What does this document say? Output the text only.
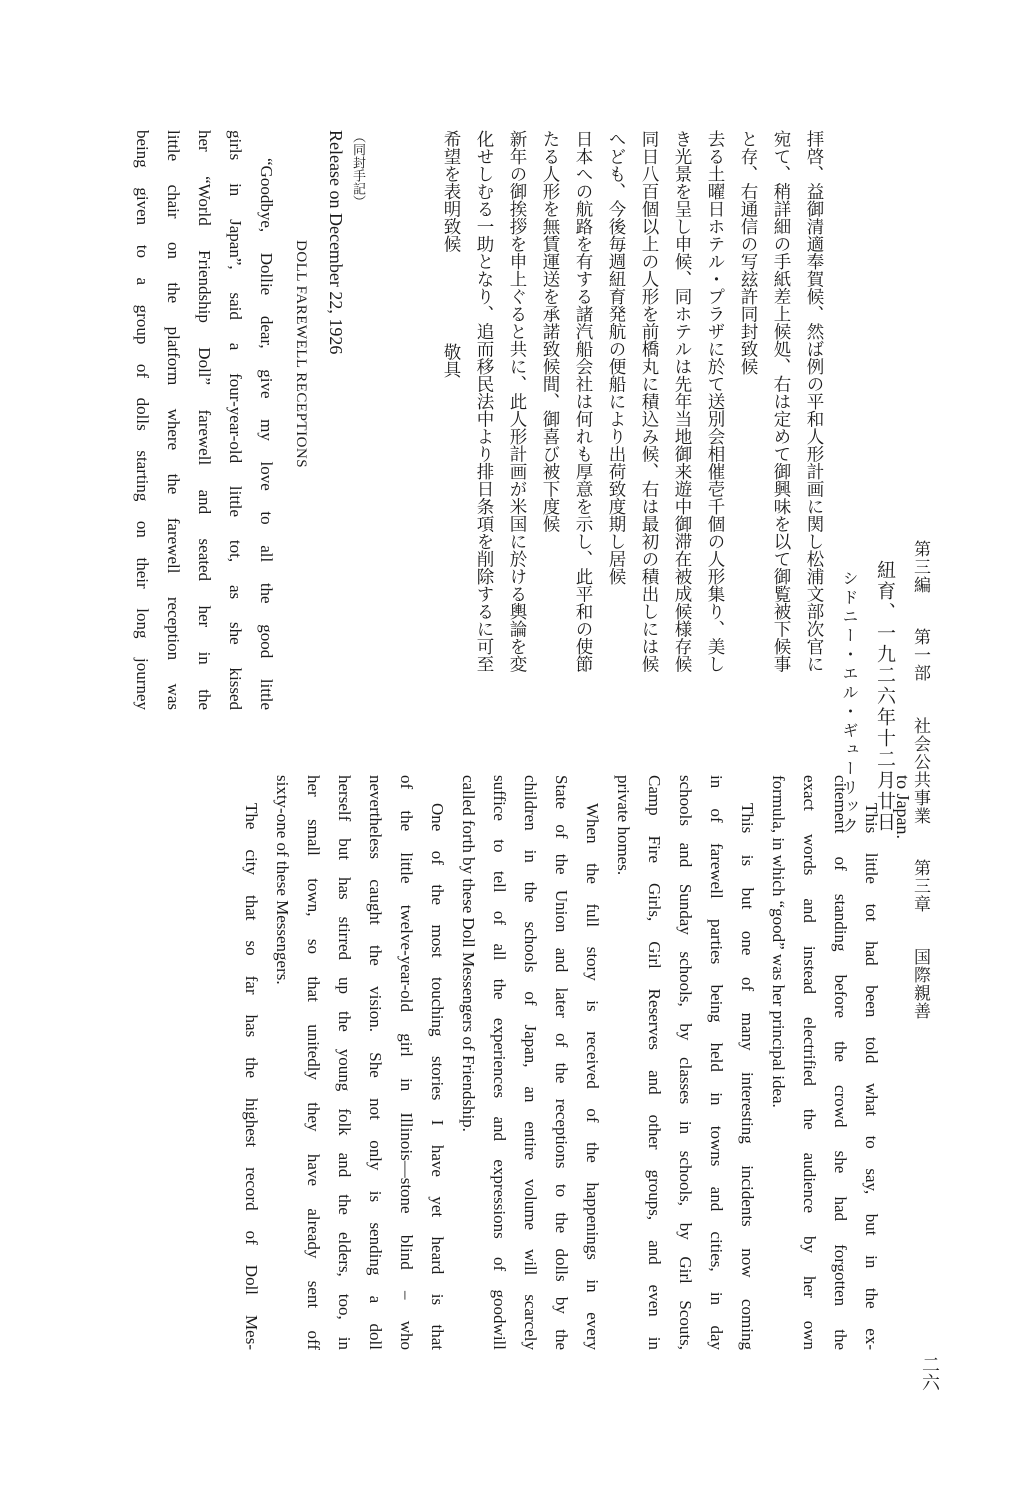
第三編 第一部 社会公共事業 第三章 国際親善
二六
紐育、一九二六年十二月廿日
シドニー・エル・ギューリック
拝啓、益御清適奉賀候、然ば例の平和人形計画に関し松浦文部次官に
宛て、稍詳細の手紙差上候処、右は定めて御興味を以て御覧被下候事
と存、右通信の写玆許同封致候
去る土曜日ホテル・プラザに於て送別会相催壱千個の人形集り、美し
き光景を呈し申候、同ホテルは先年当地御来遊中御滞在被成候様存候
同日八百個以上の人形を前橋丸に積込み候、右は最初の積出しには候
へども、今後毎週紐育発航の便船により出荷致度期し居候
日本への航路を有する諸汽船会社は何れも厚意を示し、此平和の使節
たる人形を無賃運送を承諾致候間、御喜び被下度候
新年の御挨拶を申上ぐると共に、此人形計画が米国に於ける輿論を変
化せしむる一助となり、追而移民法中より排日条項を削除するに可至
希望を表明致候敬具
（同封手記）

Release on December 22, 1926

DOLL FAREWELL RECEPTIONS

“Goodbye, Dollie dear, give my love to all the good little

girls in Japan”, said a four-year-old little tot, as she kissed

her “World Friendship Doll” farewell and seated her in the

little chair on the platform where the farewell reception was

being given to a group of dolls starting on their long journey

to Japan.

This little tot had been told what to say, but in the ex-

citement of standing before the crowd she had forgotten the

exact words and instead electrified the audience by her own

formula, in which “good” was her principal idea.

This is but one of many interesting incidents now coming

in of farewell parties being held in towns and cities, in day

schools and Sunday schools, by classes in schools, by Girl Scouts,

Camp Fire Girls, Girl Reserves and other groups, and even in

private homes.

When the full story is received of the happenings in every

State of the Union and later of the receptions to the dolls by the

children in the schools of Japan, an entire volume will scarcely

suffice to tell of all the experiences and expressions of goodwill

called forth by these Doll Messengers of Friendship.

One of the most touching stories I have yet heard is that

of the little twelve-year-old girl in Illinois—stone blind – who

nevertheless caught the vision. She not only is sending a doll

herself but has stirred up the young folk and the elders, too, in

her small town, so that unitedly they have already sent off

sixty-one of these Messengers.

The city that so far has the highest record of Doll Mes-
